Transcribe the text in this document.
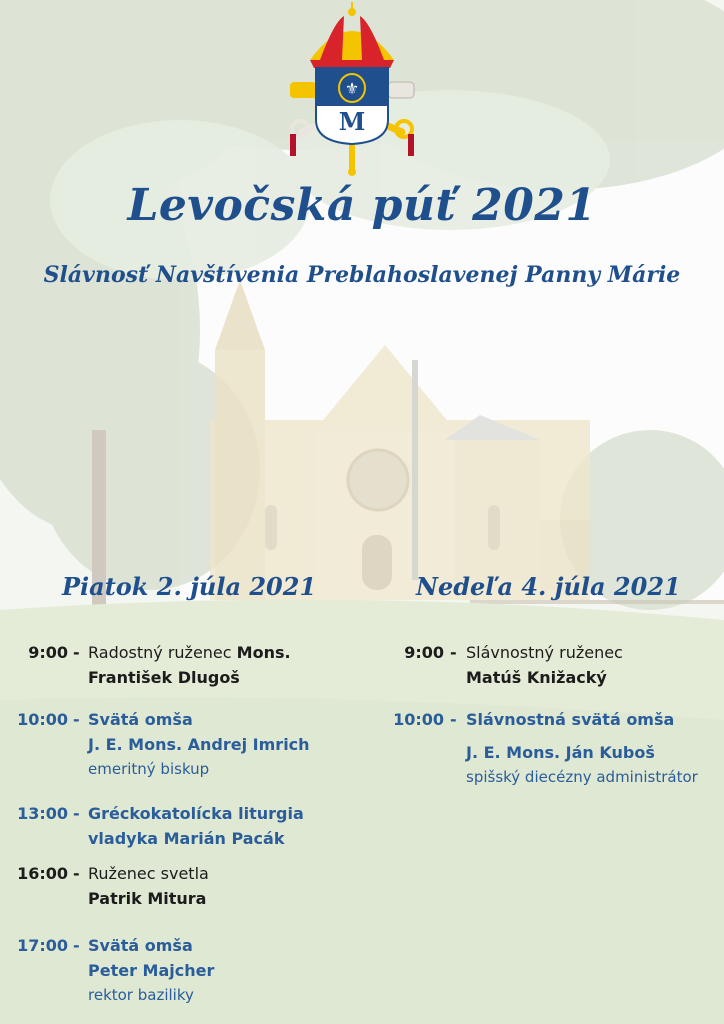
⚜
M
Levočská púť 2021
Slávnosť Navštívenia Preblahoslavenej Panny Márie
Piatok 2. júla 2021
9:00 - Radostný ruženec Mons.
František Dlugoš
10:00 - Svätá omša
J. E. Mons. Andrej Imrich
emeritný biskup
13:00 - Gréckokatolícka liturgia
vladyka Marián Pacák
16:00 - Ruženec svetla
Patrik Mitura
17:00 - Svätá omša
Peter Majcher
rektor baziliky
Nedeľa 4. júla 2021
9:00 - Slávnostný ruženec
Matúš Knižacký
10:00 - Slávnostná svätá omša
J. E. Mons. Ján Kuboš
spišský diecézny administrátor
